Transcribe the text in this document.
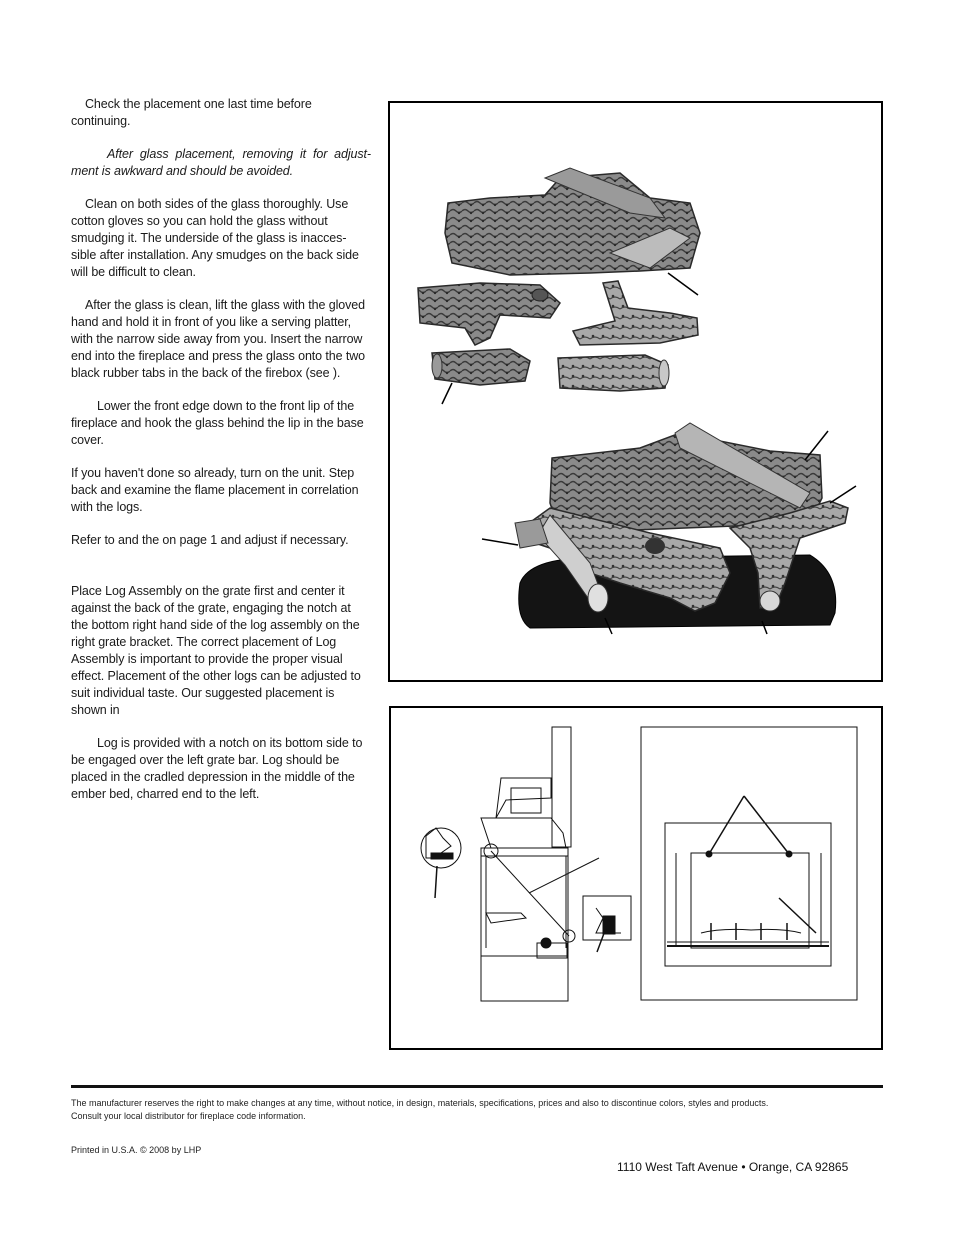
Check the placement one last time before continuing.

After glass placement, removing it for adjust- ment is awkward and should be avoided.

Clean on both sides of the glass thoroughly. Use cotton gloves so you can hold the glass without smudging it. The underside of the glass is inacces- sible after installation. Any smudges on the back side will be difficult to clean.

After the glass is clean, lift the glass with the gloved hand and hold it in front of you like a serving platter, with the narrow side away from you. Insert the narrow end into the fireplace and press the glass onto the two black rubber tabs in the back of the firebox (see ).

Lower the front edge down to the front lip of the fireplace and hook the glass behind the lip in the base cover.

If you haven't done so already, turn on the unit. Step back and examine the flame placement in correlation with the logs.

Refer to and the on page 1 and adjust if necessary.

Place Log Assembly on the grate first and center it against the back of the grate, engaging the notch at the bottom right hand side of the log assembly on the right grate bracket. The correct placement of Log Assembly is important to provide the proper visual effect. Placement of the other logs can be adjusted to suit individual taste. Our suggested placement is shown in

Log is provided with a notch on its bottom side to be engaged over the left grate bar. Log should be placed in the cradled depression in the middle of the ember bed, charred end to the left.

The manufacturer reserves the right to make changes at any time, without notice, in design, materials, specifications, prices and also to discontinue colors, styles and products.
Consult your local distributor for fireplace code information.
Printed in U.S.A. © 2008 by LHP
1110 West Taft Avenue • Orange, CA 92865
